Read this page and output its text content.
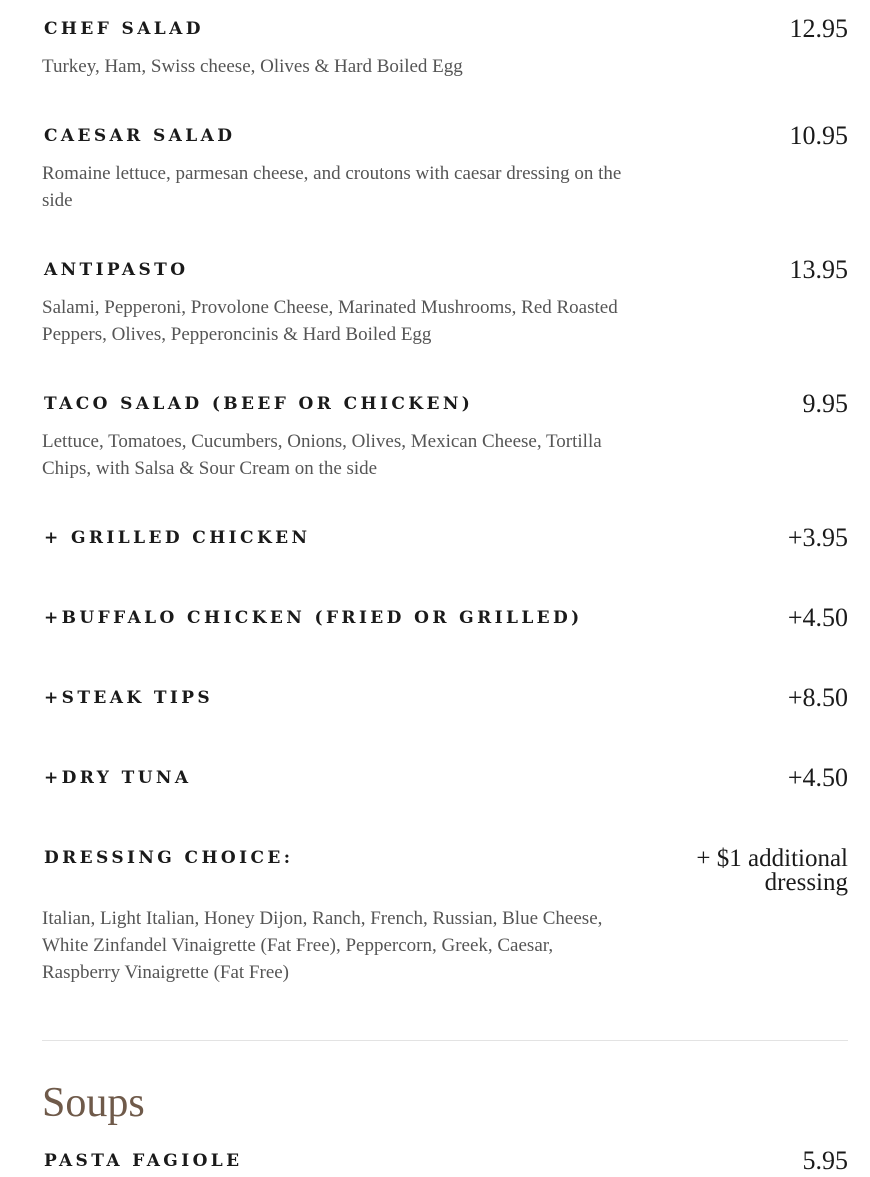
CHEF SALAD	12.95
Turkey, Ham, Swiss cheese, Olives & Hard Boiled Egg
CAESAR SALAD	10.95
Romaine lettuce, parmesan cheese, and croutons with caesar dressing on the side
ANTIPASTO	13.95
Salami, Pepperoni, Provolone Cheese, Marinated Mushrooms, Red Roasted Peppers, Olives, Pepperoncinis & Hard Boiled Egg
TACO SALAD (BEEF OR CHICKEN)	9.95
Lettuce, Tomatoes, Cucumbers, Onions, Olives, Mexican Cheese, Tortilla Chips, with Salsa & Sour Cream on the side
+ GRILLED CHICKEN	+3.95
+BUFFALO CHICKEN (FRIED OR GRILLED)	+4.50
+STEAK TIPS	+8.50
+DRY TUNA	+4.50
DRESSING CHOICE:	+ $1 additional dressing
Italian, Light Italian, Honey Dijon, Ranch, French, Russian, Blue Cheese, White Zinfandel Vinaigrette (Fat Free), Peppercorn, Greek, Caesar, Raspberry Vinaigrette (Fat Free)
Soups
PASTA FAGIOLE	5.95
